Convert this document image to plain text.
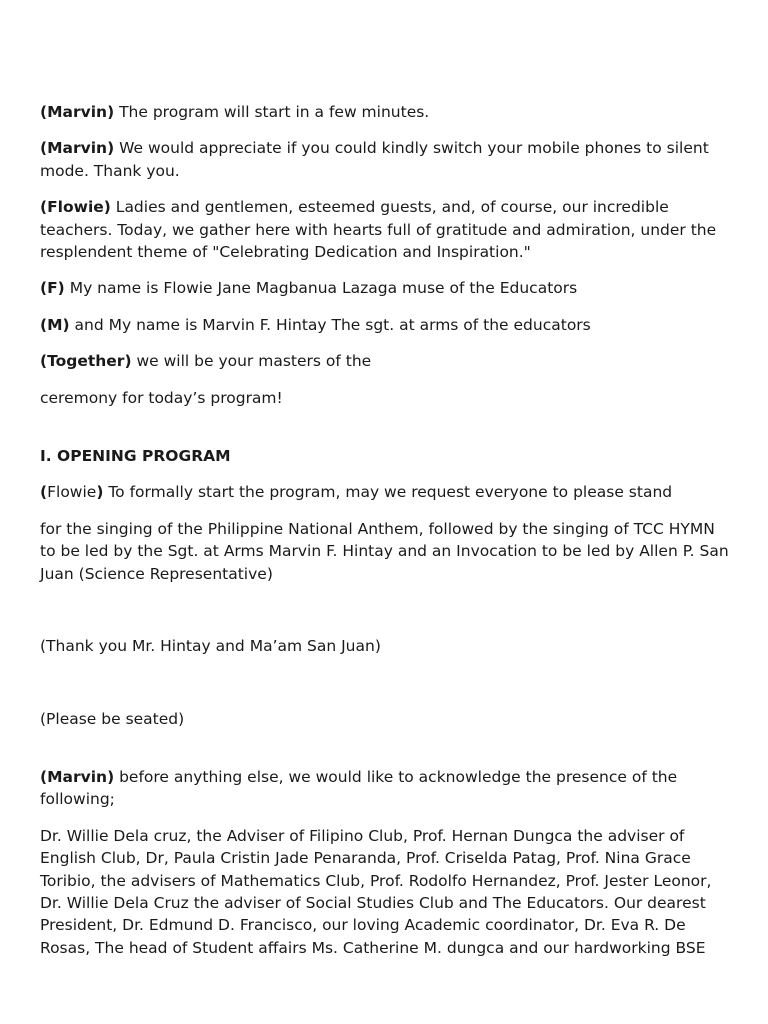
(Marvin) The program will start in a few minutes.

(Marvin) We would appreciate if you could kindly switch your mobile phones to silent mode. Thank you.

(Flowie) Ladies and gentlemen, esteemed guests, and, of course, our incredible teachers. Today, we gather here with hearts full of gratitude and admiration, under the resplendent theme of "Celebrating Dedication and Inspiration."

(F) My name is Flowie Jane Magbanua Lazaga muse of the Educators

(M) and My name is Marvin F. Hintay The sgt. at arms of the educators

(Together) we will be your masters of the

ceremony for today’s program!

I. OPENING PROGRAM

(Flowie) To formally start the program, may we request everyone to please stand

for the singing of the Philippine National Anthem, followed by the singing of TCC HYMN to be led by the Sgt. at Arms Marvin F. Hintay and an Invocation to be led by Allen P. San Juan (Science Representative)

(Thank you Mr. Hintay and Ma’am San Juan)

(Please be seated)

(Marvin) before anything else, we would like to acknowledge the presence of the following;

Dr. Willie Dela cruz, the Adviser of Filipino Club, Prof. Hernan Dungca the adviser of English Club, Dr, Paula Cristin Jade Penaranda, Prof. Criselda Patag, Prof. Nina Grace Toribio, the advisers of Mathematics Club, Prof. Rodolfo Hernandez, Prof. Jester Leonor, Dr. Willie Dela Cruz the adviser of Social Studies Club and The Educators. Our dearest President, Dr. Edmund D. Francisco, our loving Academic coordinator, Dr. Eva R. De Rosas, The head of Student affairs Ms. Catherine M. dungca and our hardworking BSE
